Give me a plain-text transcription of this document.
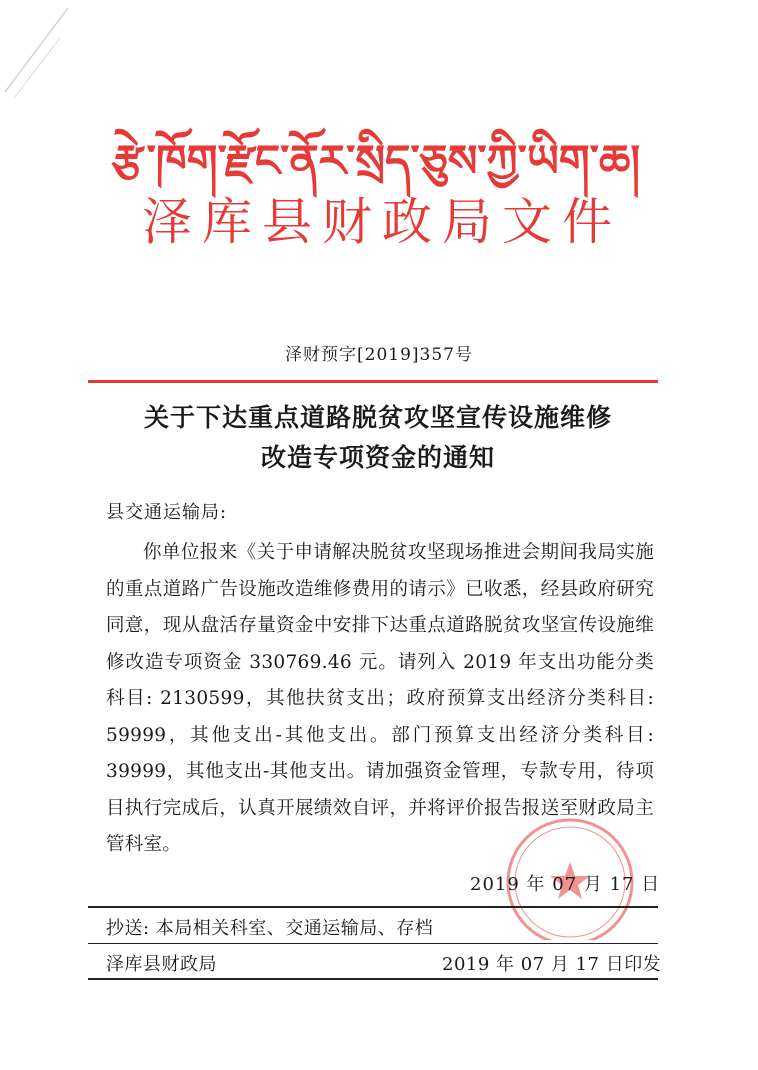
རྩེ་ཁོག་རྫོང་ནོར་སྲིད་ཅུས་ཀྱི་ཡིག་ཆ།
泽库县财政局文件
泽财预字[2019]357号
关于下达重点道路脱贫攻坚宣传设施维修
改造专项资金的通知
县交通运输局:

你单位报来《关于申请解决脱贫攻坚现场推进会期间我局实施的重点道路广告设施改造维修费用的请示》已收悉，经县政府研究同意，现从盘活存量资金中安排下达重点道路脱贫攻坚宣传设施维修改造专项资金 330769.46 元。请列入 2019 年支出功能分类科目: 2130599，其他扶贫支出；政府预算支出经济分类科目: 59999，其他支出-其他支出。部门预算支出经济分类科目: 39999，其他支出-其他支出。请加强资金管理，专款专用，待项目执行完成后，认真开展绩效自评，并将评价报告报送至财政局主管科室。

2019 年 07 月 17 日
抄送: 本局相关科室、交通运输局、存档
泽库县财政局	2019 年 07 月 17 日印发
